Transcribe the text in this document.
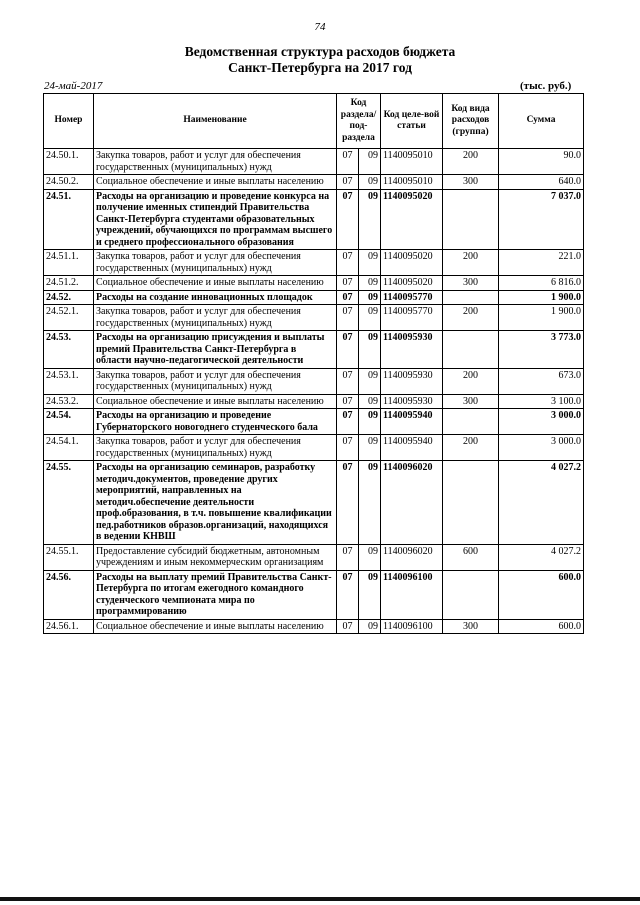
74
Ведомственная структура расходов бюджета
Санкт-Петербурга на 2017 год
24-май-2017	(тыс. руб.)
Номер	Наименование	Код раздела/ под-раздела		Код целе-вой статьи	Код вида расходов (группа)	Сумма
24.50.1.	Закупка товаров, работ и услуг для обеспечения государственных (муниципальных) нужд	07	09	1140095010	200	90.0
24.50.2.	Социальное обеспечение и иные выплаты населению	07	09	1140095010	300	640.0
24.51.	Расходы на организацию и проведение конкурса на получение именных стипендий Правительства Санкт-Петербурга студентами образовательных учреждений, обучающихся по программам высшего и среднего профессионального образования	07	09	1140095020		7 037.0
24.51.1.	Закупка товаров, работ и услуг для обеспечения государственных (муниципальных) нужд	07	09	1140095020	200	221.0
24.51.2.	Социальное обеспечение и иные выплаты населению	07	09	1140095020	300	6 816.0
24.52.	Расходы на создание инновационных площадок	07	09	1140095770		1 900.0
24.52.1.	Закупка товаров, работ и услуг для обеспечения государственных (муниципальных) нужд	07	09	1140095770	200	1 900.0
24.53.	Расходы на организацию присуждения и выплаты премий Правительства Санкт-Петербурга в области научно-педагогической деятельности	07	09	1140095930		3 773.0
24.53.1.	Закупка товаров, работ и услуг для обеспечения государственных (муниципальных) нужд	07	09	1140095930	200	673.0
24.53.2.	Социальное обеспечение и иные выплаты населению	07	09	1140095930	300	3 100.0
24.54.	Расходы на организацию и проведение Губернаторского новогоднего студенческого бала	07	09	1140095940		3 000.0
24.54.1.	Закупка товаров, работ и услуг для обеспечения государственных (муниципальных) нужд	07	09	1140095940	200	3 000.0
24.55.	Расходы на организацию семинаров, разработку методич.документов, проведение других мероприятий, направленных на методич.обеспечение деятельности проф.образования, в т.ч. повышение квалификации пед.работников образов.организаций, находящихся в ведении КНВШ	07	09	1140096020		4 027.2
24.55.1.	Предоставление субсидий бюджетным, автономным учреждениям и иным некоммерческим организациям	07	09	1140096020	600	4 027.2
24.56.	Расходы на выплату премий Правительства Санкт-Петербурга по итогам ежегодного командного студенческого чемпионата мира по программированию	07	09	1140096100		600.0
24.56.1.	Социальное обеспечение и иные выплаты населению	07	09	1140096100	300	600.0
